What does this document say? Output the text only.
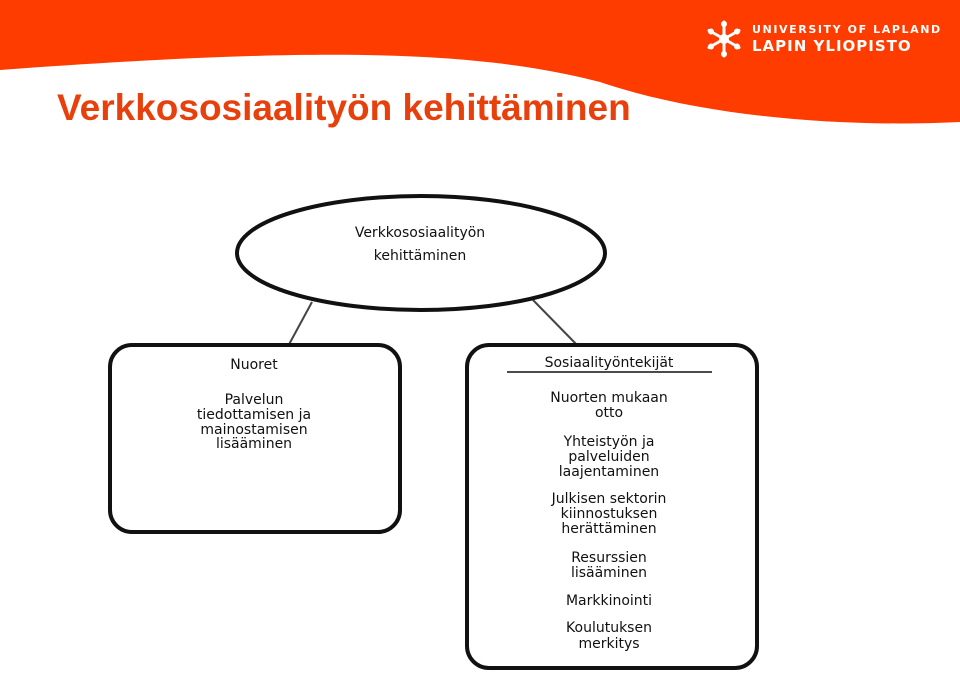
UNIVERSITY OF LAPLAND
LAPIN YLIOPISTO
Verkkososiaalityön kehittäminen
Verkkososiaalityön
kehittäminen
Nuoret
Palvelun
tiedottamisen ja
mainostamisen
lisääminen
Sosiaalityöntekijät
Nuorten mukaan
otto
Yhteistyön ja
palveluiden
laajentaminen
Julkisen sektorin
kiinnostuksen
herättäminen
Resurssien
lisääminen
Markkinointi
Koulutuksen
merkitys
